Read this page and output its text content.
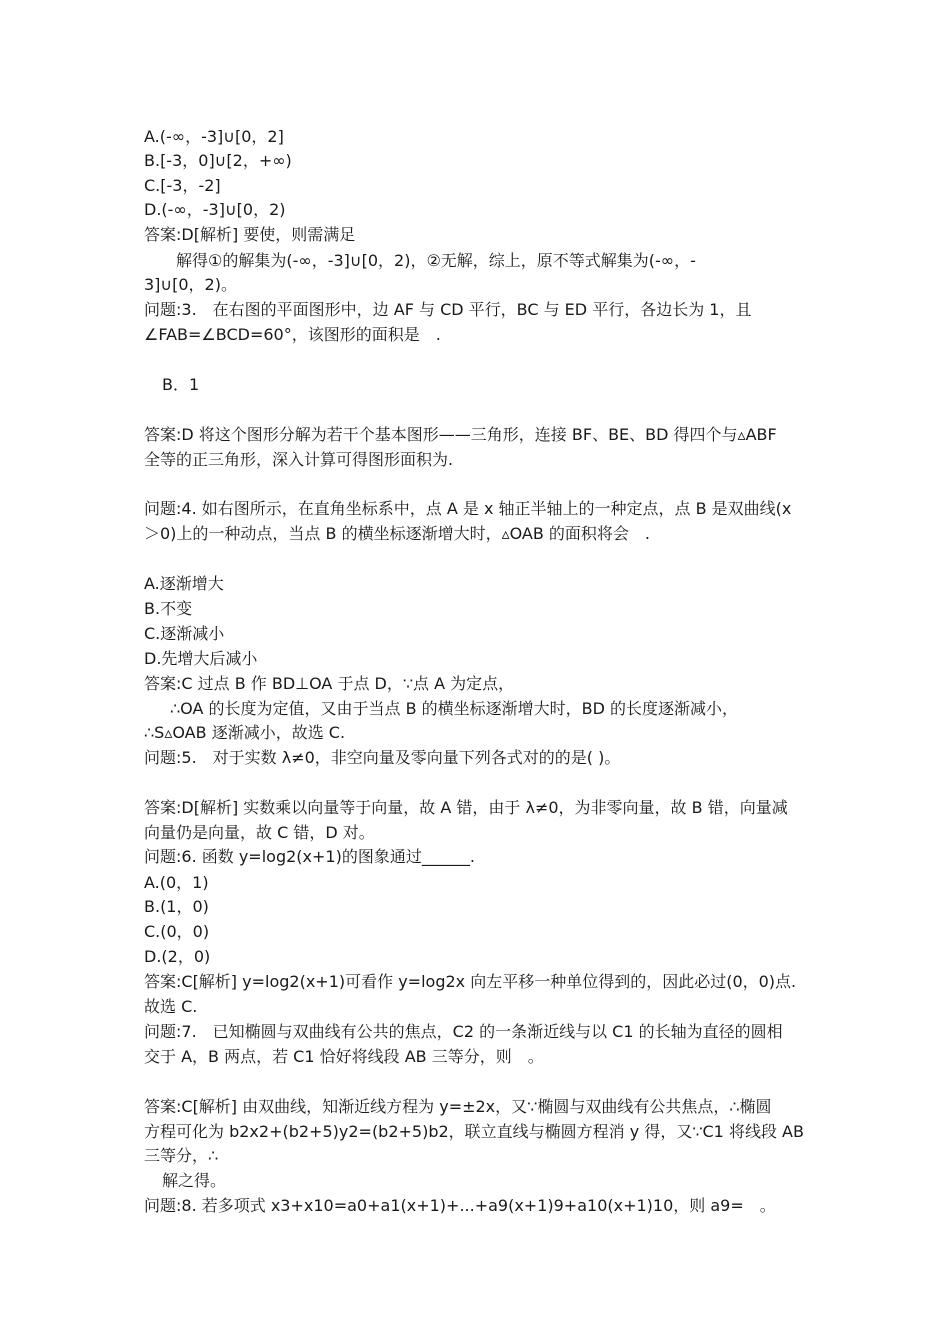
A.(-∞，-3]∪[0，2]
B.[-3，0]∪[2，+∞)
C.[-3，-2]
D.(-∞，-3]∪[0，2)
答案:D[解析] 要使，则需满足
解得①的解集为(-∞，-3]∪[0，2)，②无解，综上，原不等式解集为(-∞，-
3]∪[0，2)。
问题:3.　在右图的平面图形中，边 AF 与 CD 平行，BC 与 ED 平行，各边长为 1，且
∠FAB=∠BCD=60°，该图形的面积是　.
B．1
答案:D 将这个图形分解为若干个基本图形——三角形，连接 BF、BE、BD 得四个与▵ABF
全等的正三角形，深入计算可得图形面积为.
问题:4. 如右图所示，在直角坐标系中，点 A 是 x 轴正半轴上的一种定点，点 B 是双曲线(x
＞0)上的一种动点，当点 B 的横坐标逐渐增大时，▵OAB 的面积将会　.
A.逐渐增大
B.不变
C.逐渐减小
D.先增大后减小
答案:C 过点 B 作 BD⊥OA 于点 D，∵点 A 为定点，
∴OA 的长度为定值，又由于当点 B 的横坐标逐渐增大时，BD 的长度逐渐减小，
∴S▵OAB 逐渐减小，故选 C.
问题:5.　对于实数 λ≠0，非空向量及零向量下列各式对的的是( )。
答案:D[解析] 实数乘以向量等于向量，故 A 错，由于 λ≠0，为非零向量，故 B 错，向量减
向量仍是向量，故 C 错，D 对。
问题:6. 函数 y=log2(x+1)的图象通过______.
A.(0，1)
B.(1，0)
C.(0，0)
D.(2，0)
答案:C[解析] y=log2(x+1)可看作 y=log2x 向左平移一种单位得到的，因此必过(0，0)点.
故选 C.
问题:7.　已知椭圆与双曲线有公共的焦点，C2 的一条渐近线与以 C1 的长轴为直径的圆相
交于 A，B 两点，若 C1 恰好将线段 AB 三等分，则　。
答案:C[解析] 由双曲线，知渐近线方程为 y=±2x，又∵椭圆与双曲线有公共焦点，∴椭圆
方程可化为 b2x2+(b2+5)y2=(b2+5)b2，联立直线与椭圆方程消 y 得，又∵C1 将线段 AB
三等分，∴
解之得。
问题:8. 若多项式 x3+x10=a0+a1(x+1)+...+a9(x+1)9+a10(x+1)10，则 a9=　。
